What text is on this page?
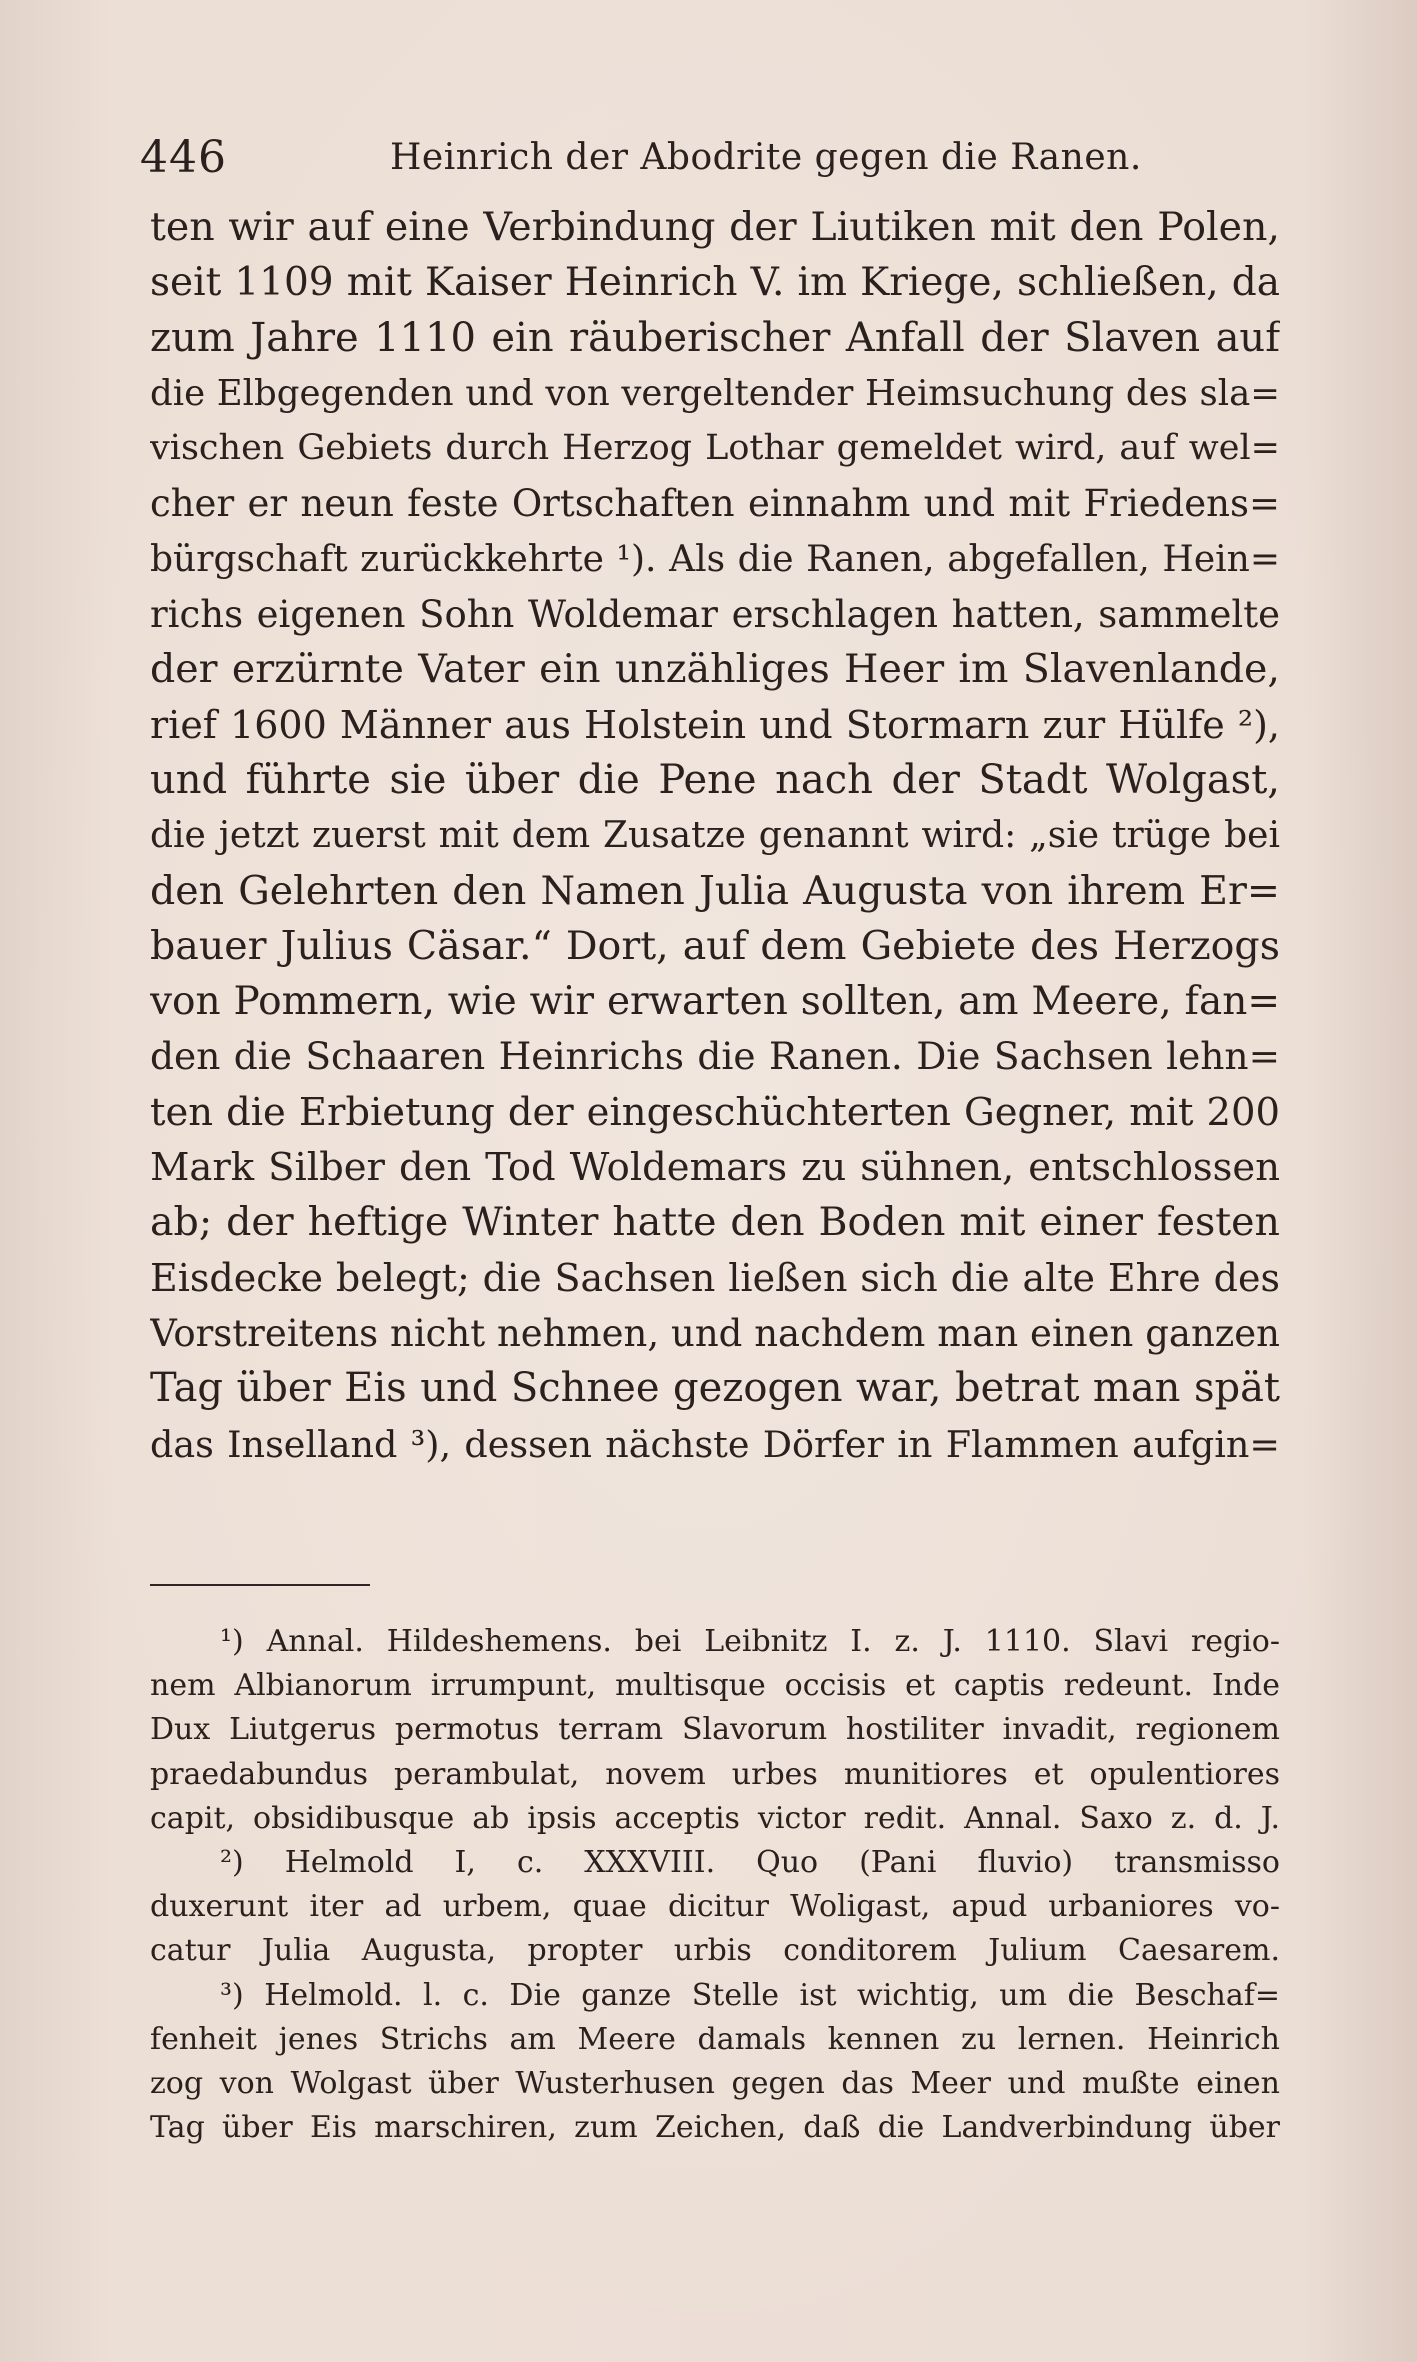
446	Heinrich der Abodrite gegen die Ranen.
ten wir auf eine Verbindung der Liutiken mit den Polen,
seit 1109 mit Kaiser Heinrich V. im Kriege, schließen, da
zum Jahre 1110 ein räuberischer Anfall der Slaven auf
die Elbgegenden und von vergeltender Heimsuchung des sla=
vischen Gebiets durch Herzog Lothar gemeldet wird, auf wel=
cher er neun feste Ortschaften einnahm und mit Friedens=
bürgschaft zurückkehrte ¹). Als die Ranen, abgefallen, Hein=
richs eigenen Sohn Woldemar erschlagen hatten, sammelte
der erzürnte Vater ein unzähliges Heer im Slavenlande,
rief 1600 Männer aus Holstein und Stormarn zur Hülfe ²),
und führte sie über die Pene nach der Stadt Wolgast,
die jetzt zuerst mit dem Zusatze genannt wird: „sie trüge bei
den Gelehrten den Namen Julia Augusta von ihrem Er=
bauer Julius Cäsar.“ Dort, auf dem Gebiete des Herzogs
von Pommern, wie wir erwarten sollten, am Meere, fan=
den die Schaaren Heinrichs die Ranen. Die Sachsen lehn=
ten die Erbietung der eingeschüchterten Gegner, mit 200
Mark Silber den Tod Woldemars zu sühnen, entschlossen
ab; der heftige Winter hatte den Boden mit einer festen
Eisdecke belegt; die Sachsen ließen sich die alte Ehre des
Vorstreitens nicht nehmen, und nachdem man einen ganzen
Tag über Eis und Schnee gezogen war, betrat man spät
das Inselland ³), dessen nächste Dörfer in Flammen aufgin=
¹) Annal. Hildeshemens. bei Leibnitz I. z. J. 1110. Slavi regio-
nem Albianorum irrumpunt, multisque occisis et captis redeunt. Inde
Dux Liutgerus permotus terram Slavorum hostiliter invadit, regionem
praedabundus perambulat, novem urbes munitiores et opulentiores
capit, obsidibusque ab ipsis acceptis victor redit. Annal. Saxo z. d. J.
²) Helmold I, c. XXXVIII. Quo (Pani fluvio) transmisso
duxerunt iter ad urbem, quae dicitur Woligast, apud urbaniores vo-
catur Julia Augusta, propter urbis conditorem Julium Caesarem.
³) Helmold. l. c. Die ganze Stelle ist wichtig, um die Beschaf=
fenheit jenes Strichs am Meere damals kennen zu lernen. Heinrich
zog von Wolgast über Wusterhusen gegen das Meer und mußte einen
Tag über Eis marschiren, zum Zeichen, daß die Landverbindung über
